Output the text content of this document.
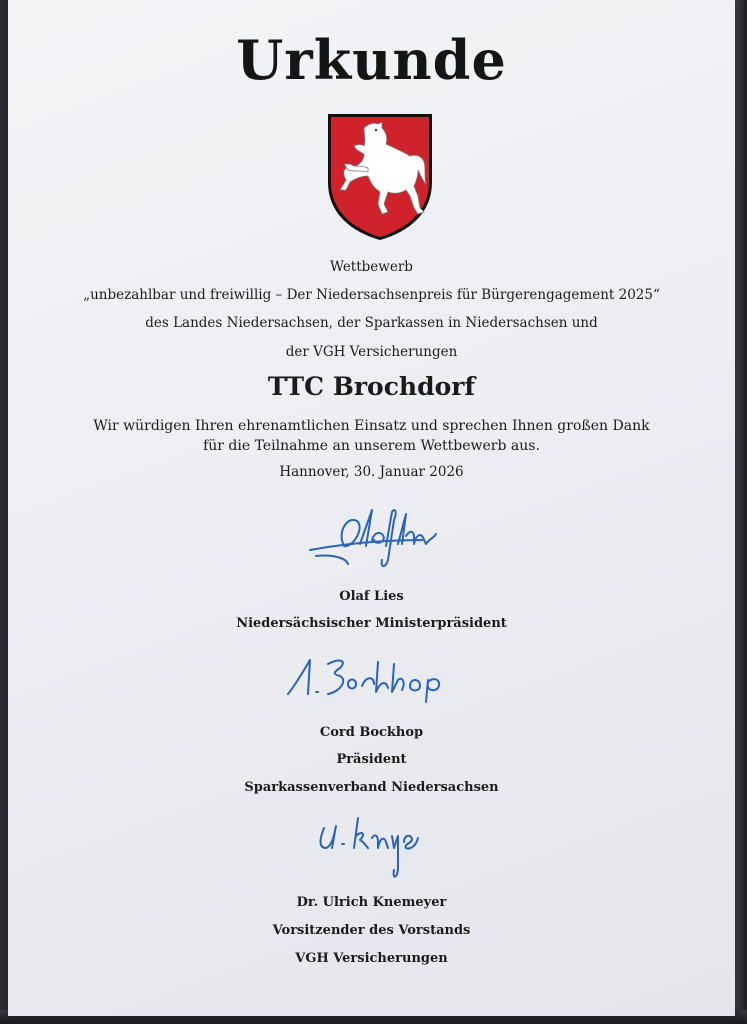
Urkunde

Wettbewerb

„unbezahlbar und freiwillig – Der Niedersachsenpreis für Bürgerengagement 2025“

des Landes Niedersachsen, der Sparkassen in Niedersachsen und

der VGH Versicherungen

TTC Brochdorf

Wir würdigen Ihren ehrenamtlichen Einsatz und sprechen Ihnen großen Dank für die Teilnahme an unserem Wettbewerb aus.

Hannover, 30. Januar 2026

Olaf Lies

Niedersächsischer Ministerpräsident

Cord Bockhop

Präsident

Sparkassenverband Niedersachsen

Dr. Ulrich Knemeyer

Vorsitzender des Vorstands

VGH Versicherungen
